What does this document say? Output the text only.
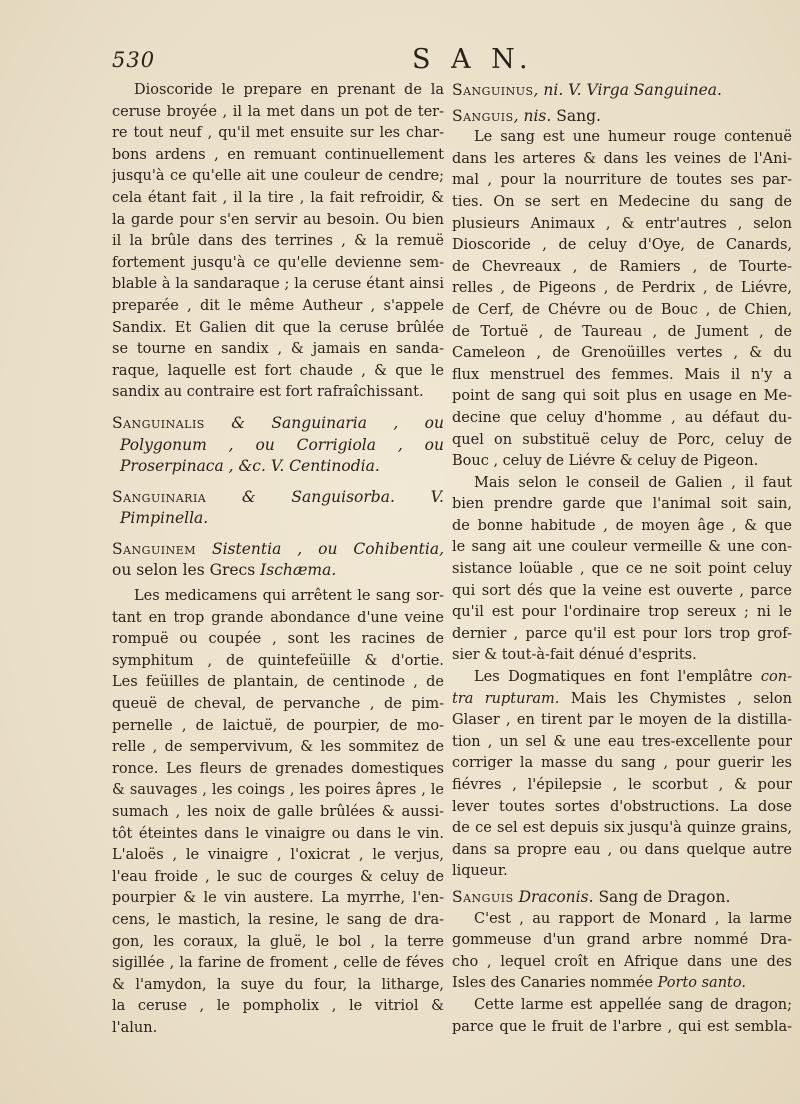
530	S A N.
Dioscoride le prepare en prenant de la
ceruse broyée , il la met dans un pot de ter-
re tout neuf , qu'il met ensuite sur les char-
bons ardens , en remuant continuellement
jusqu'à ce qu'elle ait une couleur de cendre;
cela étant fait , il la tire , la fait refroidir, &
la garde pour s'en servir au besoin. Ou bien
il la brûle dans des terrines , & la remuë
fortement jusqu'à ce qu'elle devienne sem-
blable à la sandaraque ; la ceruse étant ainsi
preparée , dit le même Autheur , s'appele
Sandix. Et Galien dit que la ceruse brûlée
se tourne en sandix , & jamais en sanda-
raque, laquelle est fort chaude , & que le
sandix au contraire est fort rafraîchissant.
Sanguinalis & Sanguinaria , ou
Polygonum , ou Corrigiola , ou
Proserpinaca , &c. V. Centinodia.
Sanguinaria & Sanguisorba. V.
Pimpinella.
Sanguinem Sistentia , ou Cohibentia,
ou selon les Grecs Ischæma.
Les medicamens qui arrêtent le sang sor-
tant en trop grande abondance d'une veine
rompuë ou coupée , sont les racines de
symphitum , de quintefeüille & d'ortie.
Les feüilles de plantain, de centinode , de
queuë de cheval, de pervanche , de pim-
pernelle , de laictuë, de pourpier, de mo-
relle , de sempervivum, & les sommitez de
ronce. Les fleurs de grenades domestiques
& sauvages , les coings , les poires âpres , le
sumach , les noix de galle brûlées & aussi-
tôt éteintes dans le vinaigre ou dans le vin.
L'aloës , le vinaigre , l'oxicrat , le verjus,
l'eau froide , le suc de courges & celuy de
pourpier & le vin austere. La myrrhe, l'en-
cens, le mastich, la resine, le sang de dra-
gon, les coraux, la gluë, le bol , la terre
sigillée , la farine de froment , celle de féves
& l'amydon, la suye du four, la litharge,
la ceruse , le pompholix , le vitriol &
l'alun.
Sanguinus, ni. V. Virga Sanguinea.
Sanguis, nis. Sang.
Le sang est une humeur rouge contenuë
dans les arteres & dans les veines de l'Ani-
mal , pour la nourriture de toutes ses par-
ties. On se sert en Medecine du sang de
plusieurs Animaux , & entr'autres , selon
Dioscoride , de celuy d'Oye, de Canards,
de Chevreaux , de Ramiers , de Tourte-
relles , de Pigeons , de Perdrix , de Liévre,
de Cerf, de Chévre ou de Bouc , de Chien,
de Tortuë , de Taureau , de Jument , de
Cameleon , de Grenoüilles vertes , & du
flux menstruel des femmes. Mais il n'y a
point de sang qui soit plus en usage en Me-
decine que celuy d'homme , au défaut du-
quel on substituë celuy de Porc, celuy de
Bouc , celuy de Liévre & celuy de Pigeon.
Mais selon le conseil de Galien , il faut
bien prendre garde que l'animal soit sain,
de bonne habitude , de moyen âge , & que
le sang ait une couleur vermeille & une con-
sistance loüable , que ce ne soit point celuy
qui sort dés que la veine est ouverte , parce
qu'il est pour l'ordinaire trop sereux ; ni le
dernier , parce qu'il est pour lors trop grof-
sier & tout-à-fait dénué d'esprits.
Les Dogmatiques en font l'emplâtre con-
tra rupturam. Mais les Chymistes , selon
Glaser , en tirent par le moyen de la distilla-
tion , un sel & une eau tres-excellente pour
corriger la masse du sang , pour guerir les
fiévres , l'épilepsie , le scorbut , & pour
lever toutes sortes d'obstructions. La dose
de ce sel est depuis six jusqu'à quinze grains,
dans sa propre eau , ou dans quelque autre
liqueur.
Sanguis Draconis. Sang de Dragon.
C'est , au rapport de Monard , la larme
gommeuse d'un grand arbre nommé Dra-
cho , lequel croît en Afrique dans une des
Isles des Canaries nommée Porto santo.
Cette larme est appellée sang de dragon;
parce que le fruit de l'arbre , qui est sembla-
